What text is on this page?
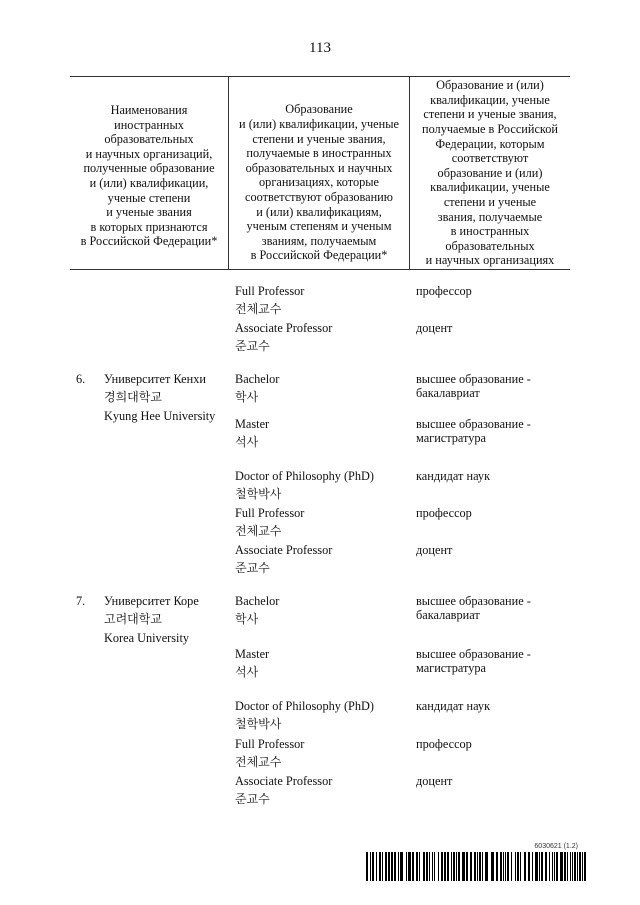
113
Наименования
иностранных
образовательных
и научных организаций,
полученные образование
и (или) квалификации,
ученые степени
и ученые звания
в которых признаются
в Российской Федерации*
Образование
и (или) квалификации, ученые
степени и ученые звания,
получаемые в иностранных
образовательных и научных
организациях, которые
соответствуют образованию
и (или) квалификациям,
ученым степеням и ученым
званиям, получаемым
в Российской Федерации*
Образование и (или)
квалификации, ученые
степени и ученые звания,
получаемые в Российской
Федерации, которым
соответствуют
образование и (или)
квалификации, ученые
степени и ученые
звания, получаемые
в иностранных
образовательных
и научных организациях
Full Professor
전체교수
профессор
Associate Professor
준교수
доцент
6. Университет Кенхи
경희대학교
Kyung Hee University
Bachelor
학사
высшее образование -
бакалавриат
Master
석사
высшее образование -
магистратура
Doctor of Philosophy (PhD)
철학박사
кандидат наук
Full Professor
전체교수
профессор
Associate Professor
준교수
доцент
7. Университет Коре
고려대학교
Korea University
Bachelor
학사
высшее образование -
бакалавриат
Master
석사
высшее образование -
магистратура
Doctor of Philosophy (PhD)
철학박사
кандидат наук
Full Professor
전체교수
профессор
Associate Professor
준교수
доцент
6030621 (1.2)
